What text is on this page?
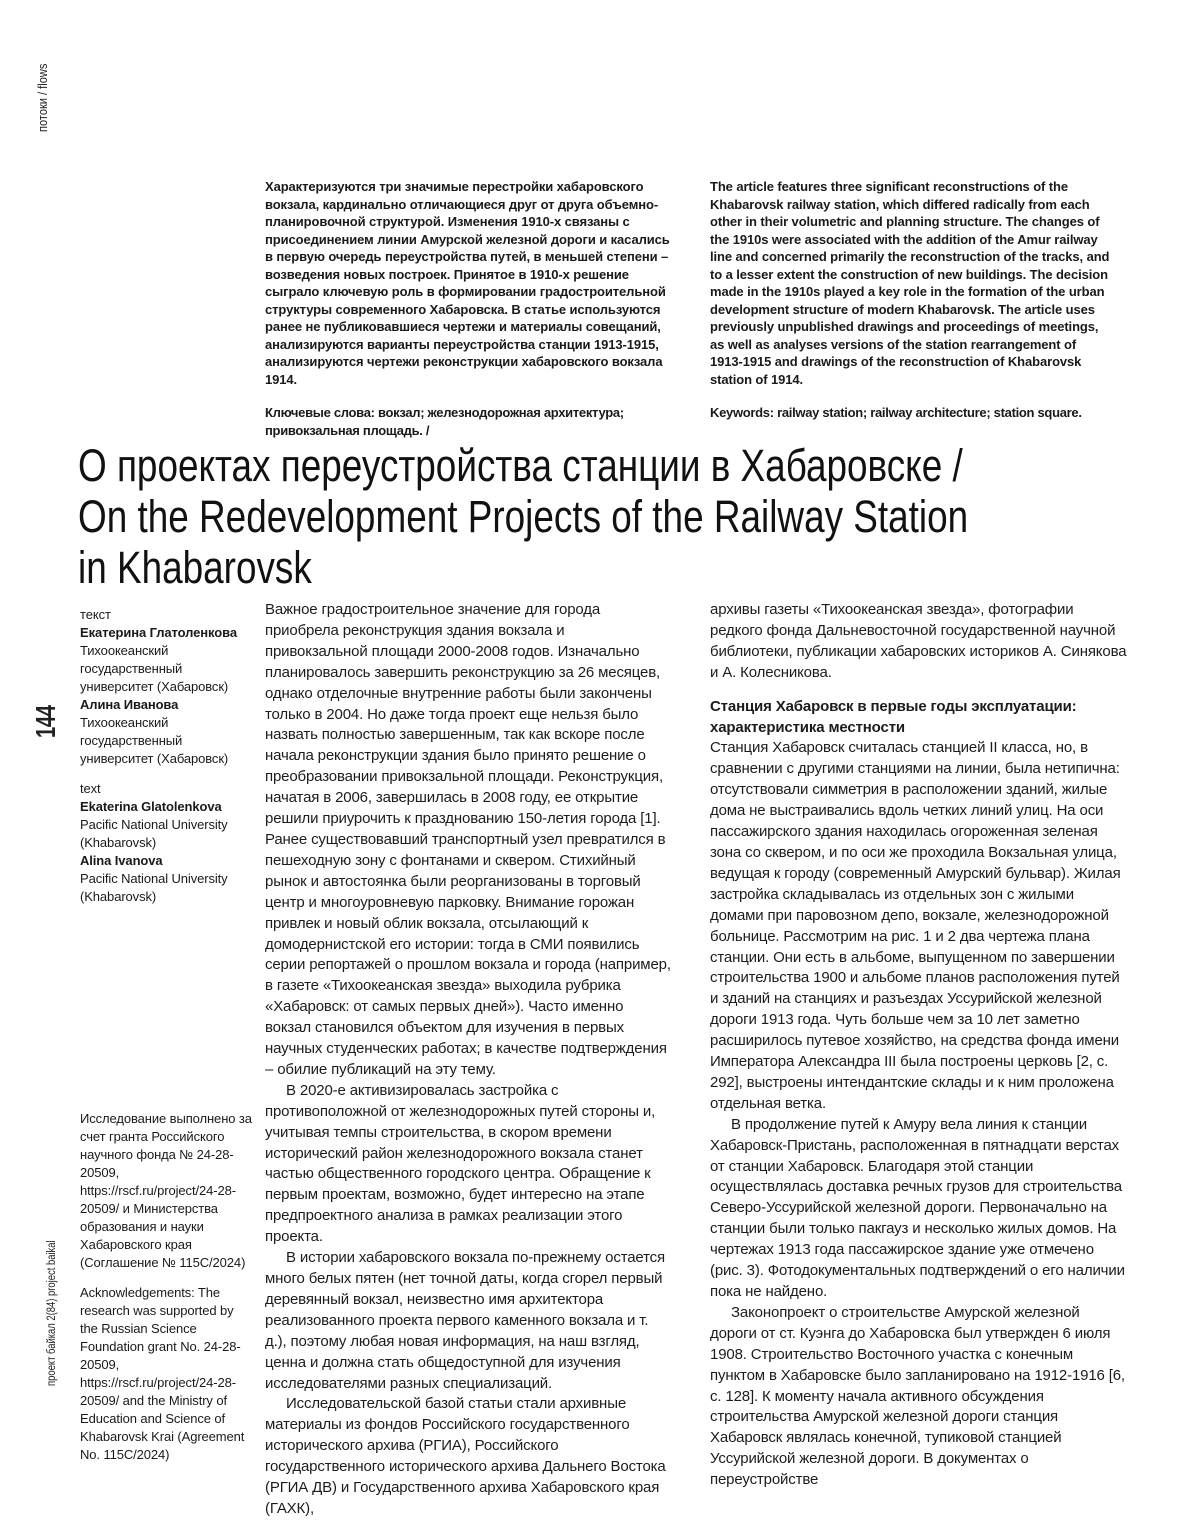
потоки / flows
144
проект байкал 2(84) project baikal

Характеризуются три значимые перестройки хабаровского вокзала, кардинально отличающиеся друг от друга объемно-планировочной структурой. Изменения 1910-х связаны с присоединением линии Амурской железной дороги и касались в первую очередь переустройства путей, в меньшей степени – возведения новых построек. Принятое в 1910-х решение сыграло ключевую роль в формировании градостроительной структуры современного Хабаровска. В статье используются ранее не публиковавшиеся чертежи и материалы совещаний, анализируются варианты переустройства станции 1913-1915, анализируются чертежи реконструкции хабаровского вокзала 1914.

Ключевые слова: вокзал; железнодорожная архитектура; привокзальная площадь. /

The article features three significant reconstructions of the Khabarovsk railway station, which differed radically from each other in their volumetric and planning structure. The changes of the 1910s were associated with the addition of the Amur railway line and concerned primarily the reconstruction of the tracks, and to a lesser extent the construction of new buildings. The decision made in the 1910s played a key role in the formation of the urban development structure of modern Khabarovsk. The article uses previously unpublished drawings and proceedings of meetings, as well as analyses versions of the station rearrangement of 1913-1915 and drawings of the reconstruction of Khabarovsk station of 1914.

Keywords: railway station; railway architecture; station square.

О проектах переустройства станции в Хабаровске /
On the Redevelopment Projects of the Railway Station
in Khabarovsk
текст
Екатерина Глатоленкова
Тихоокеанский государственный университет (Хабаровск)
Алина Иванова
Тихоокеанский государственный университет (Хабаровск)
text
Ekaterina Glatolenkova
Pacific National University (Khabarovsk)
Alina Ivanova
Pacific National University (Khabarovsk)

Исследование выполнено за счет гранта Российского научного фонда № 24-28-20509, https://rscf.ru/project/24-28-20509/ и Министерства образования и науки Хабаровского края (Соглашение № 115С/2024)

Acknowledgements: The research was supported by the Russian Science Foundation grant No. 24-28-20509, https://rscf.ru/project/24-28-20509/ and the Ministry of Education and Science of Khabarovsk Krai (Agreement No. 115C/2024)

Важное градостроительное значение для города приобрела реконструкция здания вокзала и привокзальной площади 2000-2008 годов. Изначально планировалось завершить реконструкцию за 26 месяцев, однако отделочные внутренние работы были закончены только в 2004. Но даже тогда проект еще нельзя было назвать полностью завершенным, так как вскоре после начала реконструкции здания было принято решение о преобразовании привокзальной площади. Реконструкция, начатая в 2006, завершилась в 2008 году, ее открытие решили приурочить к празднованию 150-летия города [1]. Ранее существовавший транспортный узел превратился в пешеходную зону с фонтанами и сквером. Стихийный рынок и автостоянка были реорганизованы в торговый центр и многоуровневую парковку. Внимание горожан привлек и новый облик вокзала, отсылающий к домодернистской его истории: тогда в СМИ появились серии репортажей о прошлом вокзала и города (например, в газете «Тихоокеанская звезда» выходила рубрика «Хабаровск: от самых первых дней»). Часто именно вокзал становился объектом для изучения в первых научных студенческих работах; в качестве подтверждения – обилие публикаций на эту тему.

В 2020-е активизировалась застройка с противоположной от железнодорожных путей стороны и, учитывая темпы строительства, в скором времени исторический район железнодорожного вокзала станет частью общественного городского центра. Обращение к первым проектам, возможно, будет интересно на этапе предпроектного анализа в рамках реализации этого проекта.

В истории хабаровского вокзала по-прежнему остается много белых пятен (нет точной даты, когда сгорел первый деревянный вокзал, неизвестно имя архитектора реализованного проекта первого каменного вокзала и т. д.), поэтому любая новая информация, на наш взгляд, ценна и должна стать общедоступной для изучения исследователями разных специализаций.

Исследовательской базой статьи стали архивные материалы из фондов Российского государственного исторического архива (РГИА), Российского государственного исторического архива Дальнего Востока (РГИА ДВ) и Государственного архива Хабаровского края (ГАХК),

архивы газеты «Тихоокеанская звезда», фотографии редкого фонда Дальневосточной государственной научной библиотеки, публикации хабаровских историков А. Синякова и А. Колесникова.

Станция Хабаровск в первые годы эксплуатации: характеристика местности

Станция Хабаровск считалась станцией II класса, но, в сравнении с другими станциями на линии, была нетипична: отсутствовали симметрия в расположении зданий, жилые дома не выстраивались вдоль четких линий улиц. На оси пассажирского здания находилась огороженная зеленая зона со сквером, и по оси же проходила Вокзальная улица, ведущая к городу (современный Амурский бульвар). Жилая застройка складывалась из отдельных зон с жилыми домами при паровозном депо, вокзале, железнодорожной больнице. Рассмотрим на рис. 1 и 2 два чертежа плана станции. Они есть в альбоме, выпущенном по завершении строительства 1900 и альбоме планов расположения путей и зданий на станциях и разъездах Уссурийской железной дороги 1913 года. Чуть больше чем за 10 лет заметно расширилось путевое хозяйство, на средства фонда имени Императора Александра III была построены церковь [2, с. 292], выстроены интендантские склады и к ним проложена отдельная ветка.

В продолжение путей к Амуру вела линия к станции Хабаровск-Пристань, расположенная в пятнадцати верстах от станции Хабаровск. Благодаря этой станции осуществлялась доставка речных грузов для строительства Северо-Уссурийской железной дороги. Первоначально на станции были только пакгауз и несколько жилых домов. На чертежах 1913 года пассажирское здание уже отмечено (рис. 3). Фотодокументальных подтверждений о его наличии пока не найдено.

Законопроект о строительстве Амурской железной дороги от ст. Куэнга до Хабаровска был утвержден 6 июля 1908. Строительство Восточного участка с конечным пунктом в Хабаровске было запланировано на 1912-1916 [6, с. 128]. К моменту начала активного обсуждения строительства Амурской железной дороги станция Хабаровск являлась конечной, тупиковой станцией Уссурийской железной дороги. В документах о переустройстве
